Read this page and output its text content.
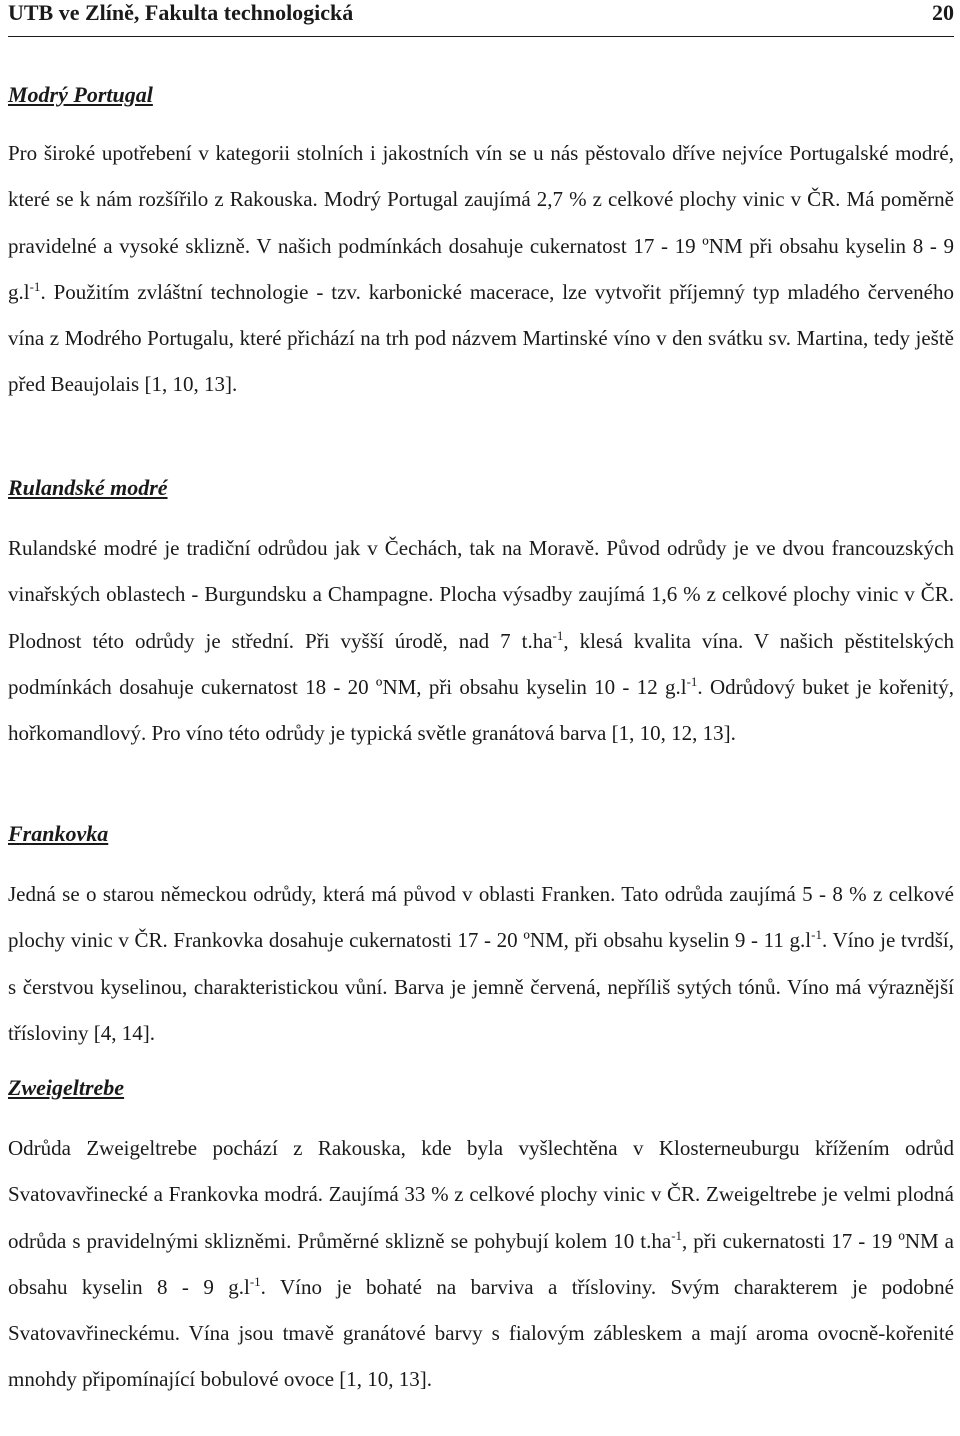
UTB ve Zlíně, Fakulta technologická	20
Modrý Portugal

Pro široké upotřebení v kategorii stolních i jakostních vín se u nás pěstovalo dříve nejvíce Portugalské modré, které se k nám rozšířilo z Rakouska. Modrý Portugal zaujímá 2,7 % z celkové plochy vinic v ČR. Má poměrně pravidelné a vysoké sklizně. V našich podmínkách dosahuje cukernatost 17 - 19 ºNM při obsahu kyselin 8 - 9 $g.l^{-1}$. Použitím zvláštní technologie - tzv. karbonické macerace, lze vytvořit příjemný typ mladého červeného vína z Modrého Portugalu, které přichází na trh pod názvem Martinské víno v den svátku sv. Martina, tedy ještě před Beaujolais [1, 10, 13].

Rulandské modré

Rulandské modré je tradiční odrůdou jak v Čechách, tak na Moravě. Původ odrůdy je ve dvou francouzských vinařských oblastech - Burgundsku a Champagne. Plocha výsadby zaujímá 1,6 % z celkové plochy vinic v ČR. Plodnost této odrůdy je střední. Při vyšší úrodě, nad 7 $t.ha^{-1}$, klesá kvalita vína. V našich pěstitelských podmínkách dosahuje cukernatost 18 - 20 ºNM, při obsahu kyselin 10 - 12 $g.l^{-1}$. Odrůdový buket je kořenitý, hořkomandlový. Pro víno této odrůdy je typická světle granátová barva [1, 10, 12, 13].

Frankovka

Jedná se o starou německou odrůdy, která má původ v oblasti Franken. Tato odrůda zaujímá 5 - 8 % z celkové plochy vinic v ČR. Frankovka dosahuje cukernatosti 17 - 20 ºNM, při obsahu kyselin 9 - 11 $g.l^{-1}$. Víno je tvrdší, s čerstvou kyselinou, charakteristickou vůní. Barva je jemně červená, nepříliš sytých tónů. Víno má výraznější třísloviny [4, 14].

Zweigeltrebe

Odrůda Zweigeltrebe pochází z Rakouska, kde byla vyšlechtěna v Klosterneuburgu křížením odrůd Svatovavřinecké a Frankovka modrá. Zaujímá 33 % z celkové plochy vinic v ČR. Zweigeltrebe je velmi plodná odrůda s pravidelnými sklizněmi. Průměrné sklizně se pohybují kolem 10 $t.ha^{-1}$, při cukernatosti 17 - 19 ºNM a obsahu kyselin 8 - 9 $g.l^{-1}$. Víno je bohaté na barviva a třísloviny. Svým charakterem je podobné Svatovavřineckému. Vína jsou tmavě granátové barvy s fialovým zábleskem a mají aroma ovocně-kořenité mnohdy připomínající bobulové ovoce [1, 10, 13].
